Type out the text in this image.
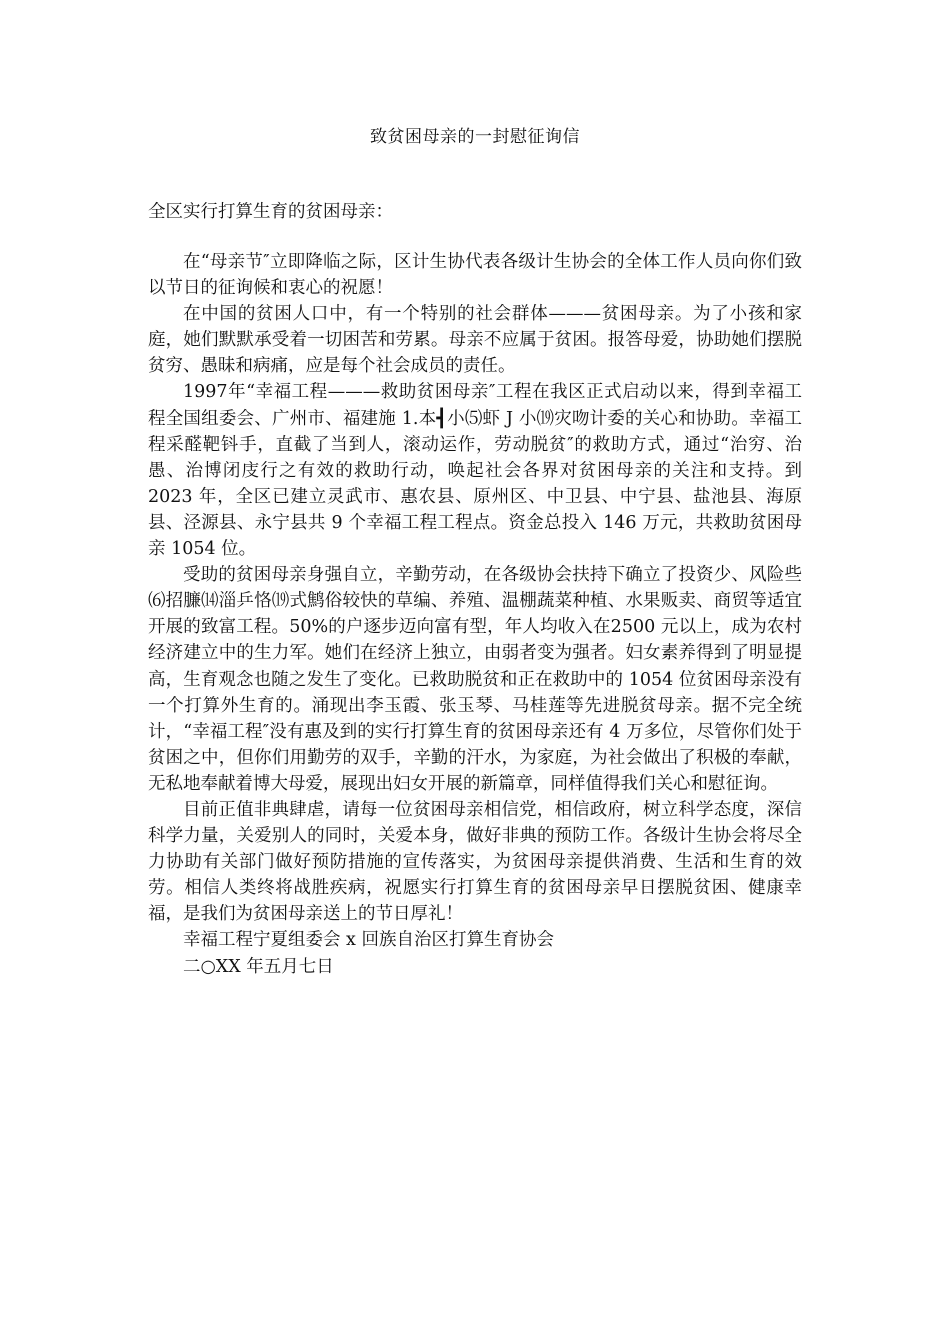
致贫困母亲的一封慰征询信
全区实行打算生育的贫困母亲：

在“母亲节″立即降临之际，区计生协代表各级计生协会的全体工作人员向你们致以节日的征询候和衷心的祝愿！

在中国的贫困人口中，有一个特别的社会群体———贫困母亲。为了小孩和家庭，她们默默承受着一切困苦和劳累。母亲不应属于贫困。报答母爱，协助她们摆脱贫穷、愚昧和病痛，应是每个社会成员的责任。

1997年“幸福工程———救助贫困母亲″工程在我区正式启动以来，得到幸福工程全国组委会、广州市、福建施 1.本┫小⑸虾 J 小⒆灾吻计委的关心和协助。幸福工程采醛靶钭手，直截了当到人，滚动运作，劳动脱贫″的救助方式，通过“治穷、治愚、治博闭庋行之有效的救助行动，唤起社会各界对贫困母亲的关注和支持。到 2023 年，全区已建立灵武市、惠农县、原州区、中卫县、中宁县、盐池县、海原县、泾源县、永宁县共 9 个幸福工程工程点。资金总投入 146 万元，共救助贫困母亲 1054 位。

受助的贫困母亲身强自立，辛勤劳动，在各级协会扶持下确立了投资少、风险些⑹招臁⒁淄乒恪⒆式鹪俗较快的草编、养殖、温棚蔬菜种植、水果贩卖、商贸等适宜开展的致富工程。50%的户逐步迈向富有型，年人均收入在2500 元以上，成为农村经济建立中的生力军。她们在经济上独立，由弱者变为强者。妇女素养得到了明显提高，生育观念也随之发生了变化。已救助脱贫和正在救助中的 1054 位贫困母亲没有一个打算外生育的。涌现出李玉霞、张玉琴、马桂莲等先进脱贫母亲。据不完全统计，“幸福工程″没有惠及到的实行打算生育的贫困母亲还有 4 万多位，尽管你们处于贫困之中，但你们用勤劳的双手，辛勤的汗水，为家庭，为社会做出了积极的奉献，无私地奉献着博大母爱，展现出妇女开展的新篇章，同样值得我们关心和慰征询。

目前正值非典肆虐，请每一位贫困母亲相信党，相信政府，树立科学态度，深信科学力量，关爱别人的同时，关爱本身，做好非典的预防工作。各级计生协会将尽全力协助有关部门做好预防措施的宣传落实，为贫困母亲提供消费、生活和生育的效劳。相信人类终将战胜疾病，祝愿实行打算生育的贫困母亲早日摆脱贫困、健康幸福，是我们为贫困母亲送上的节日厚礼！

幸福工程宁夏组委会 x 回族自治区打算生育协会

二○XX 年五月七日
